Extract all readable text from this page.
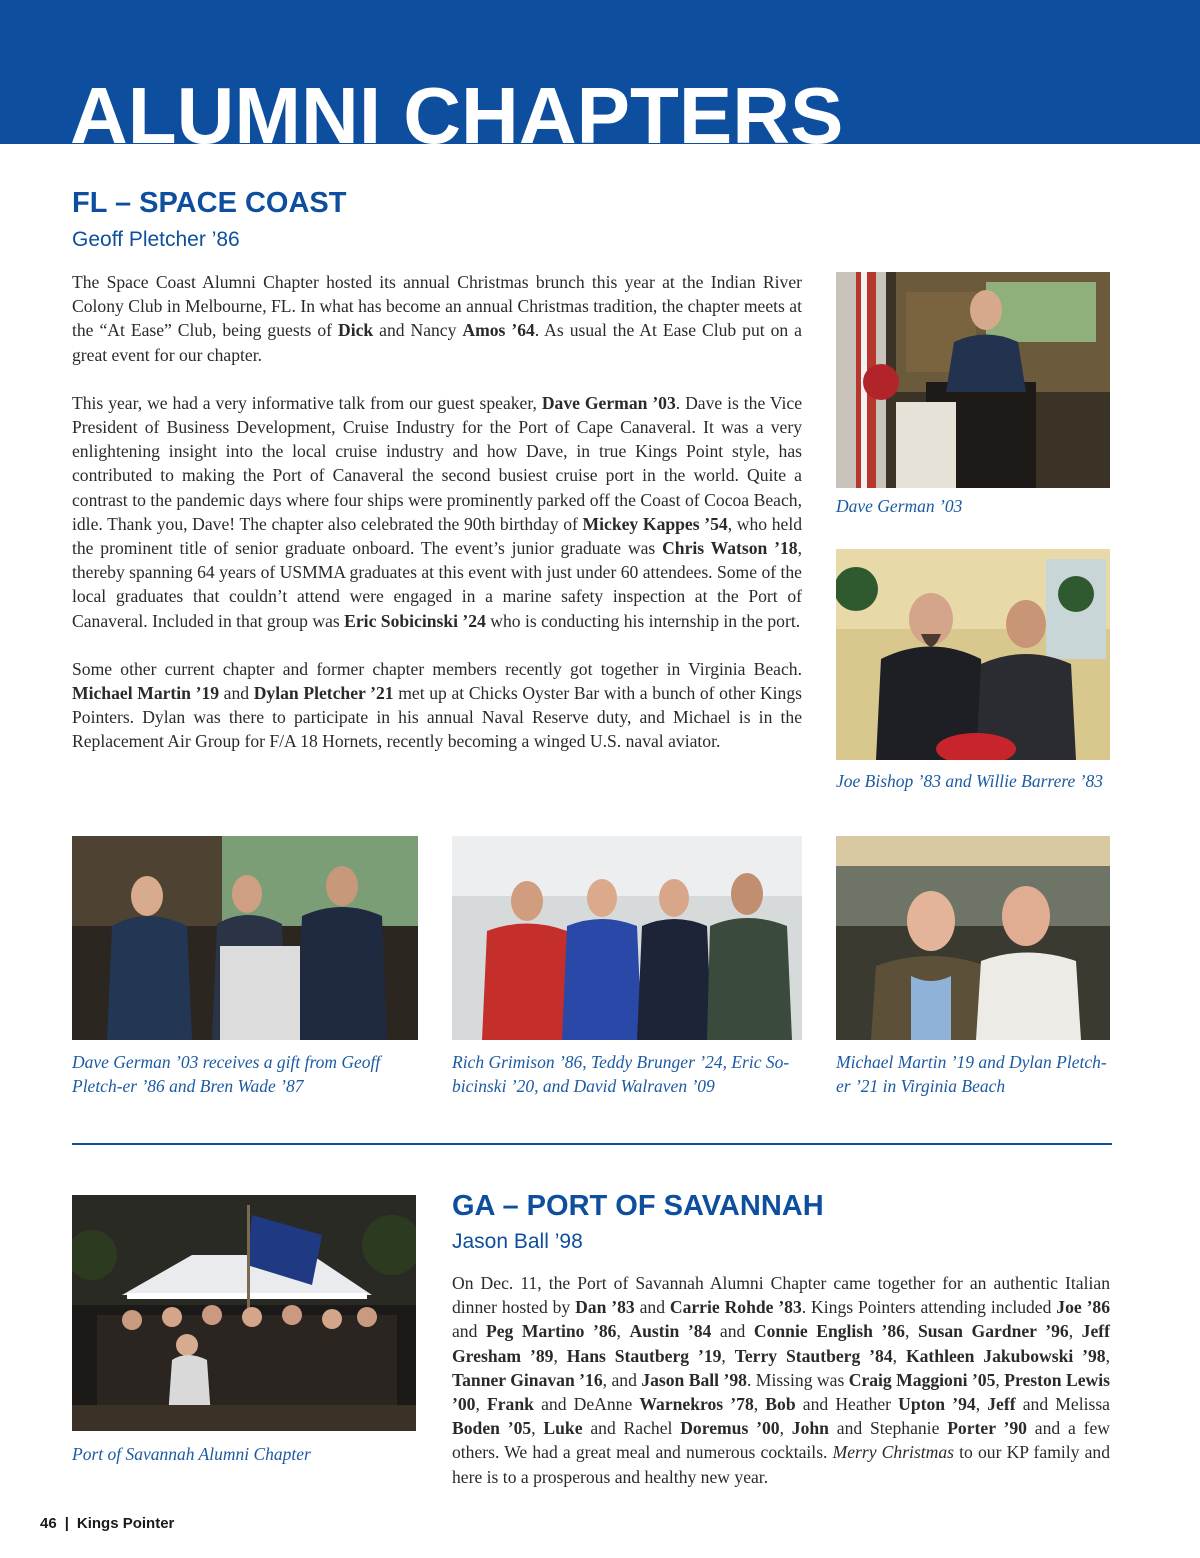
ALUMNI CHAPTERS
FL – SPACE COAST
Geoff Pletcher ’86

The Space Coast Alumni Chapter hosted its annual Christmas brunch this year at the Indian River Colony Club in Melbourne, FL. In what has become an annual Christmas tradition, the chapter meets at the “At Ease” Club, being guests of Dick and Nancy Amos ’64. As usual the At Ease Club put on a great event for our chapter.

This year, we had a very informative talk from our guest speaker, Dave German ’03. Dave is the Vice President of Business Development, Cruise Industry for the Port of Cape Canaveral. It was a very enlightening insight into the local cruise industry and how Dave, in true Kings Point style, has contributed to making the Port of Canaveral the second busiest cruise port in the world. Quite a contrast to the pandemic days where four ships were prominently parked off the Coast of Cocoa Beach, idle. Thank you, Dave! The chapter also celebrated the 90th birthday of Mickey Kappes ’54, who held the prominent title of senior graduate onboard. The event’s junior graduate was Chris Watson ’18, thereby spanning 64 years of USMMA graduates at this event with just under 60 attendees. Some of the local graduates that couldn’t attend were engaged in a marine safety inspection at the Port of Canaveral. Included in that group was Eric Sobicinski ’24 who is conducting his internship in the port.

Some other current chapter and former chapter members recently got together in Virginia Beach. Michael Martin ’19 and Dylan Pletcher ’21 met up at Chicks Oyster Bar with a bunch of other Kings Pointers. Dylan was there to participate in his annual Naval Reserve duty, and Michael is in the Replacement Air Group for F/A 18 Hornets, recently becoming a winged U.S. naval aviator.

Dave German ’03
Joe Bishop ’83 and Willie Barrere ’83
Dave German ’03 receives a gift from Geoff Pletch-er ’86 and Bren Wade ’87
Rich Grimison ’86, Teddy Brunger ’24, Eric So-bicinski ’20, and David Walraven ’09
Michael Martin ’19 and Dylan Pletch-er ’21 in Virginia Beach
Port of Savannah Alumni Chapter
GA – PORT OF SAVANNAH
Jason Ball ’98

On Dec. 11, the Port of Savannah Alumni Chapter came together for an authentic Italian dinner hosted by Dan ’83 and Carrie Rohde ’83. Kings Pointers attending included Joe ’86 and Peg Martino ’86, Austin ’84 and Connie English ’86, Susan Gardner ’96, Jeff Gresham ’89, Hans Stautberg ’19, Terry Stautberg ’84, Kathleen Jakubowski ’98, Tanner Ginavan ’16, and Jason Ball ’98. Missing was Craig Maggioni ’05, Preston Lewis ’00, Frank and DeAnne Warnekros ’78, Bob and Heather Upton ’94, Jeff and Melissa Boden ’05, Luke and Rachel Doremus ’00, John and Stephanie Porter ’90 and a few others. We had a great meal and numerous cocktails. Merry Christmas to our KP family and here is to a prosperous and healthy new year.

46 | Kings Pointer
